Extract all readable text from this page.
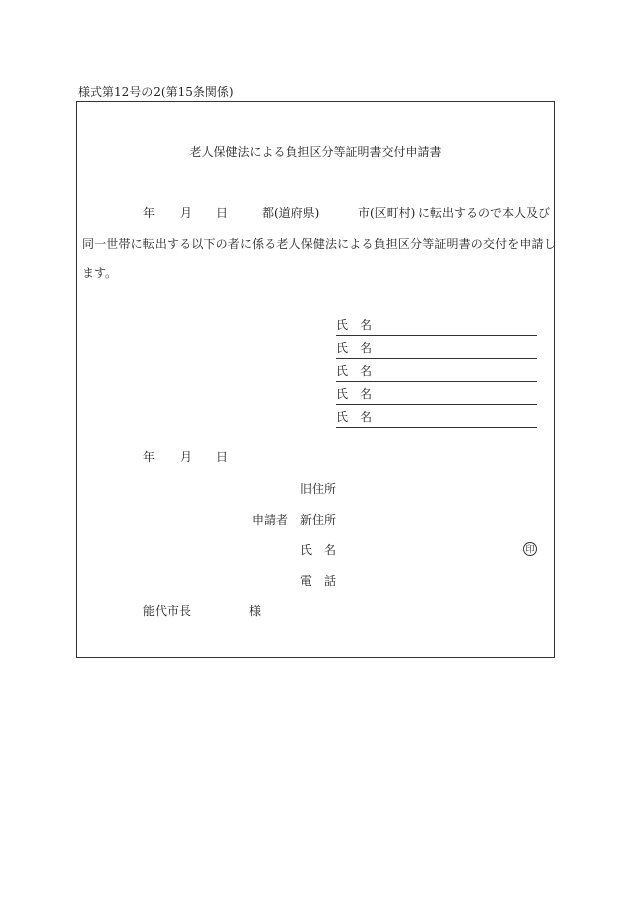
様式第12号の2(第15条関係)
老人保健法による負担区分等証明書交付申請書
年 月 日	都(道府県)	市(区町村) に転出するので本人及び
同一世帯に転出する以下の者に係る老人保健法による負担区分等証明書の交付を申請し
ます。
氏 名
氏 名
氏 名
氏 名
氏 名
年 月 日
旧住所
申請者 新住所
氏 名	印
電 話
能代市長	様
